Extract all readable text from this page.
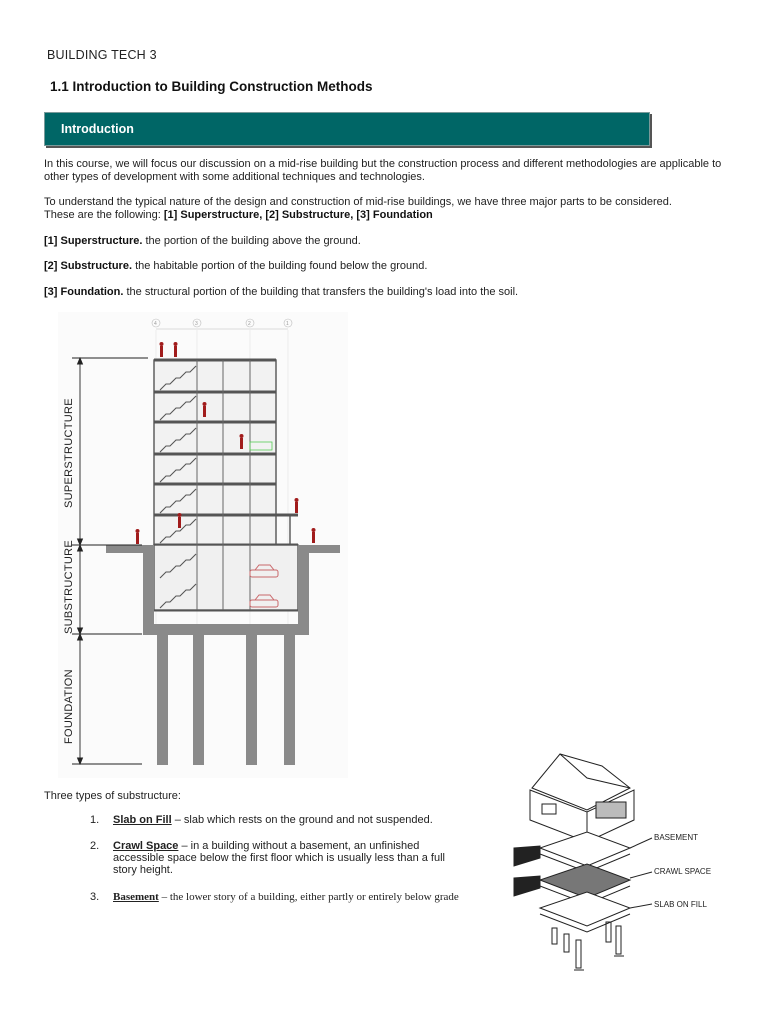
BUILDING TECH 3
1.1 Introduction to Building Construction Methods
Introduction
In this course, we will focus our discussion on a mid-rise building but the construction process and different methodologies are applicable to other types of development with some additional techniques and technologies.
To understand the typical nature of the design and construction of mid-rise buildings, we have three major parts to be considered.
These are the following: [1] Superstructure, [2] Substructure, [3] Foundation
[1] Superstructure. the portion of the building above the ground.
[2] Substructure. the habitable portion of the building found below the ground.
[3] Foundation. the structural portion of the building that transfers the building's load into the soil.
4	3	2	1
SUPERSTRUCTURE
SUBSTRUCTURE
FOUNDATION
Three types of substructure:
1. Slab on Fill – slab which rests on the ground and not suspended.
2. Crawl Space – in a building without a basement, an unfinished accessible space below the first floor which is usually less than a full story height.
3. Basement – the lower story of a building, either partly or entirely below grade
BASEMENT
CRAWL SPACE
SLAB ON FILL
